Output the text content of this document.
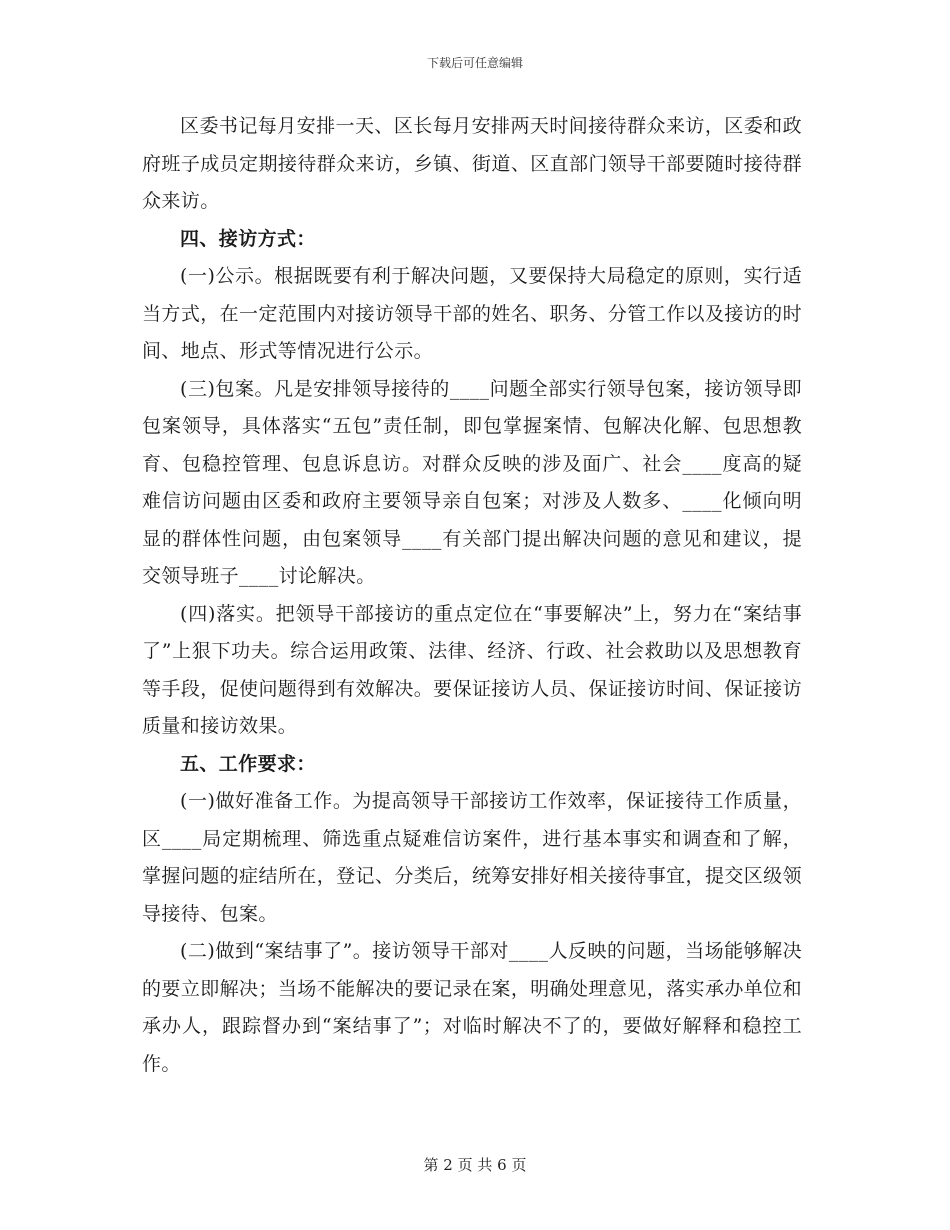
下载后可任意编辑

区委书记每月安排一天、区长每月安排两天时间接待群众来访，区委和政府班子成员定期接待群众来访，乡镇、街道、区直部门领导干部要随时接待群众来访。

四、接访方式：

(一)公示。根据既要有利于解决问题，又要保持大局稳定的原则，实行适当方式，在一定范围内对接访领导干部的姓名、职务、分管工作以及接访的时间、地点、形式等情况进行公示。

(三)包案。凡是安排领导接待的____问题全部实行领导包案，接访领导即包案领导，具体落实“五包”责任制，即包掌握案情、包解决化解、包思想教育、包稳控管理、包息诉息访。对群众反映的涉及面广、社会____度高的疑难信访问题由区委和政府主要领导亲自包案；对涉及人数多、____化倾向明显的群体性问题，由包案领导____有关部门提出解决问题的意见和建议，提交领导班子____讨论解决。

(四)落实。把领导干部接访的重点定位在“事要解决”上，努力在“案结事了”上狠下功夫。综合运用政策、法律、经济、行政、社会救助以及思想教育等手段，促使问题得到有效解决。要保证接访人员、保证接访时间、保证接访质量和接访效果。

五、工作要求：

(一)做好准备工作。为提高领导干部接访工作效率，保证接待工作质量，区____局定期梳理、筛选重点疑难信访案件，进行基本事实和调查和了解，掌握问题的症结所在，登记、分类后，统筹安排好相关接待事宜，提交区级领导接待、包案。

(二)做到“案结事了”。接访领导干部对____人反映的问题，当场能够解决的要立即解决；当场不能解决的要记录在案，明确处理意见，落实承办单位和承办人，跟踪督办到“案结事了”；对临时解决不了的，要做好解释和稳控工作。

第 2 页 共 6 页
